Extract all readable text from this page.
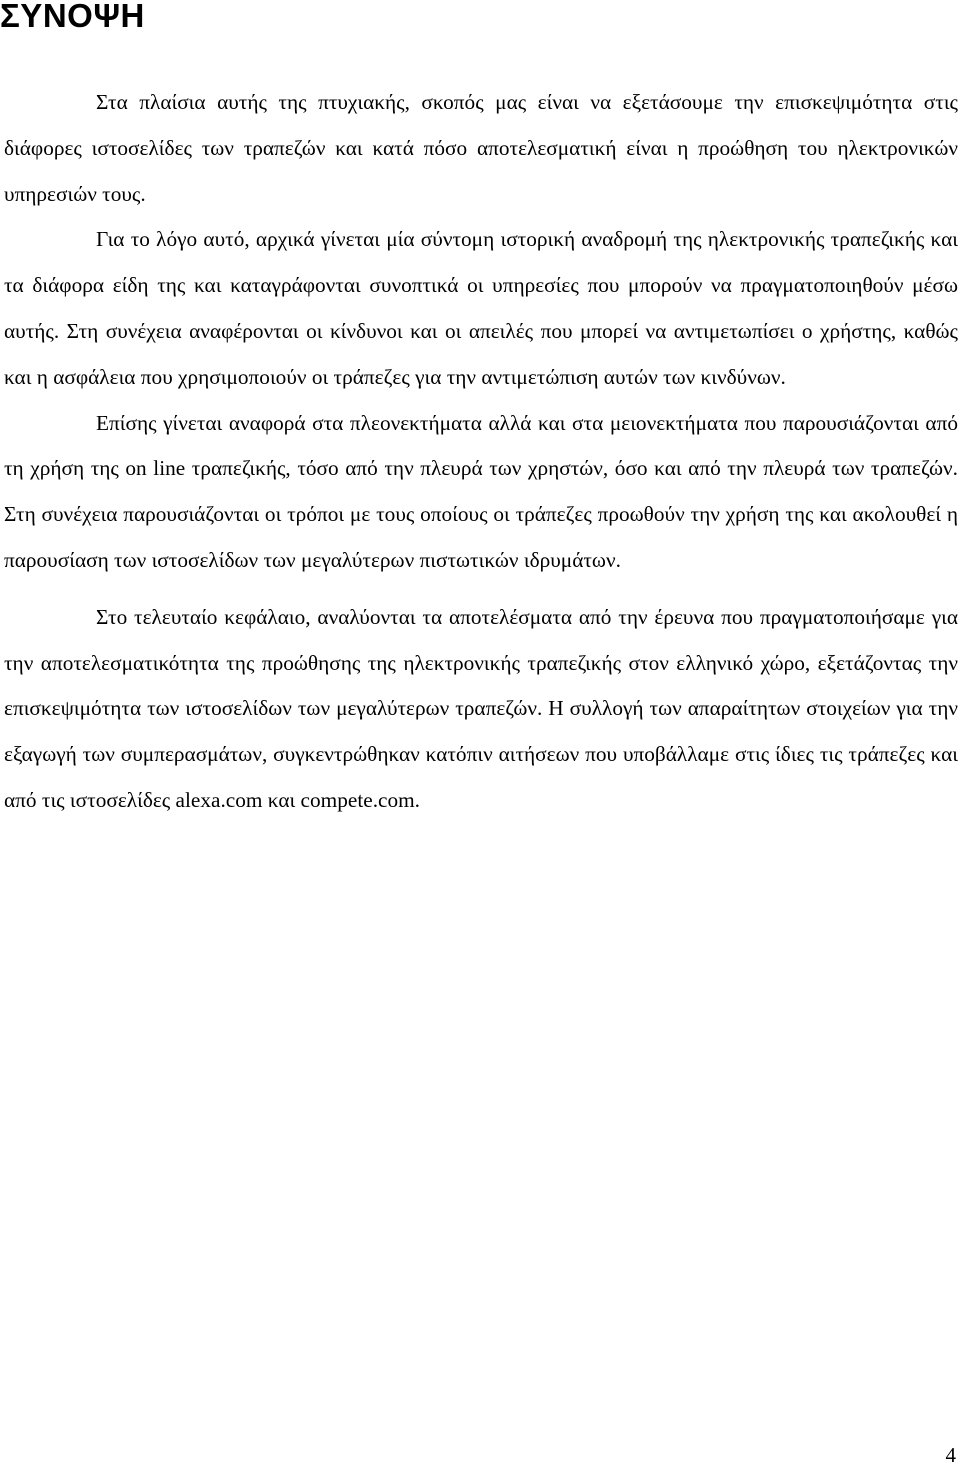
ΣΥΝΟΨΗ

Στα πλαίσια αυτής της πτυχιακής, σκοπός μας είναι να εξετάσουμε την επισκεψιμότητα στις διάφορες ιστοσελίδες των τραπεζών και κατά πόσο αποτελεσματική είναι η προώθηση του ηλεκτρονικών υπηρεσιών τους.

Για το λόγο αυτό, αρχικά γίνεται μία σύντομη ιστορική αναδρομή της ηλεκτρονικής τραπεζικής και τα διάφορα είδη της και καταγράφονται συνοπτικά οι υπηρεσίες που μπορούν να πραγματοποιηθούν μέσω αυτής. Στη συνέχεια αναφέρονται οι κίνδυνοι και οι απειλές που μπορεί να αντιμετωπίσει ο χρήστης, καθώς και η ασφάλεια που χρησιμοποιούν οι τράπεζες για την αντιμετώπιση αυτών των κινδύνων.

Επίσης γίνεται αναφορά στα πλεονεκτήματα αλλά και στα μειονεκτήματα που παρουσιάζονται από τη χρήση της on line τραπεζικής, τόσο από την πλευρά των χρηστών, όσο και από την πλευρά των τραπεζών. Στη συνέχεια παρουσιάζονται οι τρόποι με τους οποίους οι τράπεζες προωθούν την χρήση της και ακολουθεί η παρουσίαση των ιστοσελίδων των μεγαλύτερων πιστωτικών ιδρυμάτων.

Στο τελευταίο κεφάλαιο, αναλύονται τα αποτελέσματα από την έρευνα που πραγματοποιήσαμε για την αποτελεσματικότητα της προώθησης της ηλεκτρονικής τραπεζικής στον ελληνικό χώρο, εξετάζοντας την επισκεψιμότητα των ιστοσελίδων των μεγαλύτερων τραπεζών. Η συλλογή των απαραίτητων στοιχείων για την εξαγωγή των συμπερασμάτων, συγκεντρώθηκαν κατόπιν αιτήσεων που υποβάλλαμε στις ίδιες τις τράπεζες και από τις ιστοσελίδες alexa.com και compete.com.

4
